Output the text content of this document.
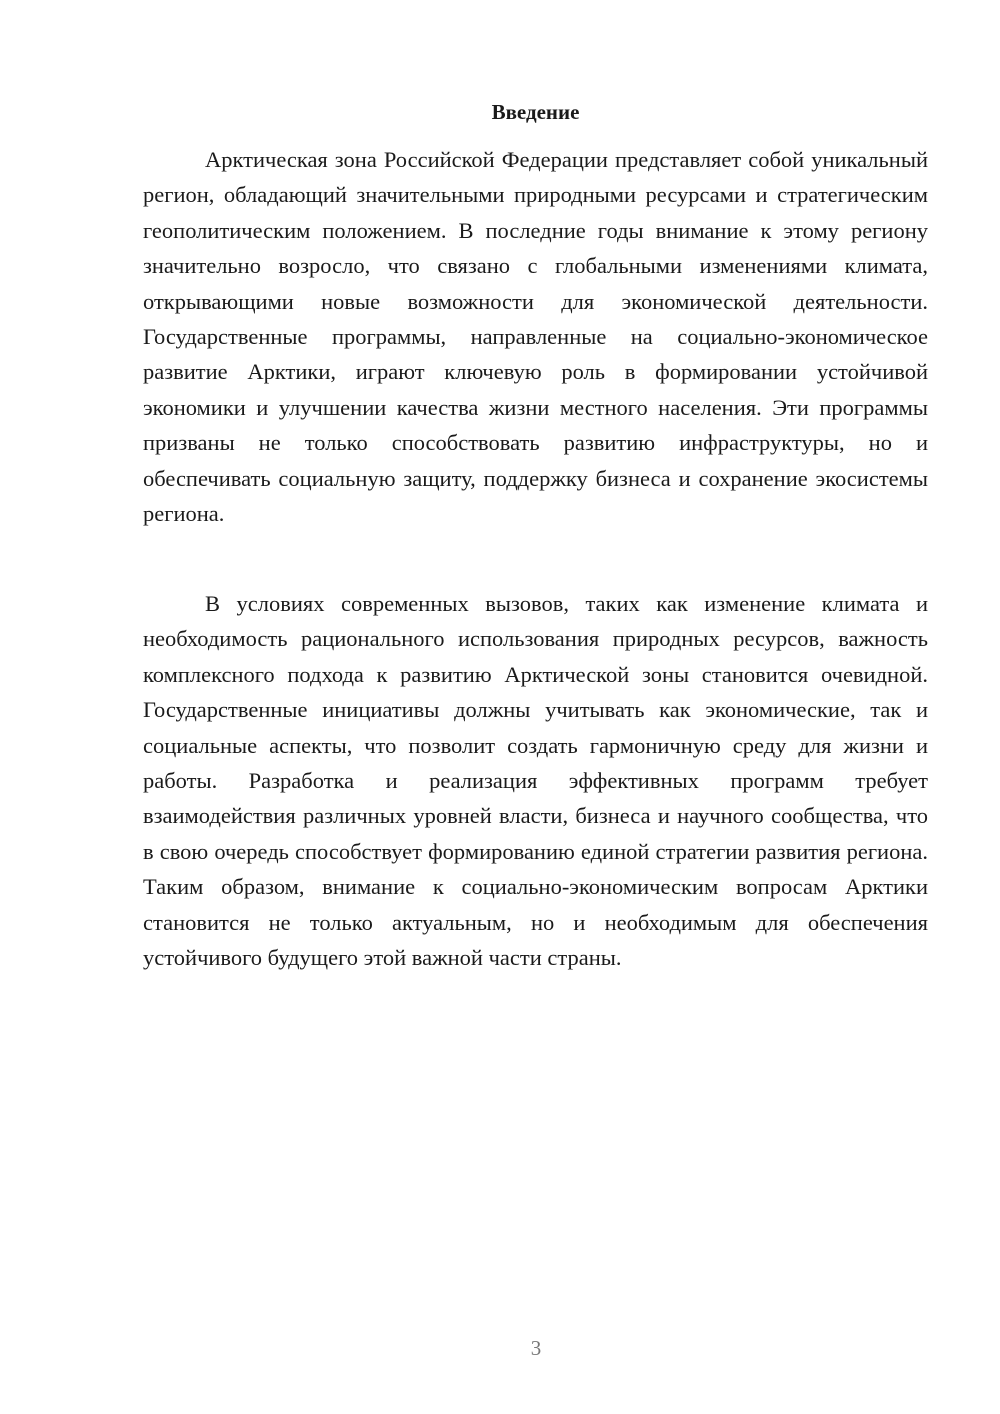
Введение

Арктическая зона Российской Федерации представляет собой уникальный регион, обладающий значительными природными ресурсами и стратегическим геополитическим положением. В последние годы внимание к этому региону значительно возросло, что связано с глобальными изменениями климата, открывающими новые возможности для экономической деятельности. Государственные программы, направленные на социально-экономическое развитие Арктики, играют ключевую роль в формировании устойчивой экономики и улучшении качества жизни местного населения. Эти программы призваны не только способствовать развитию инфраструктуры, но и обеспечивать социальную защиту, поддержку бизнеса и сохранение экосистемы региона.

В условиях современных вызовов, таких как изменение климата и необходимость рационального использования природных ресурсов, важность комплексного подхода к развитию Арктической зоны становится очевидной. Государственные инициативы должны учитывать как экономические, так и социальные аспекты, что позволит создать гармоничную среду для жизни и работы. Разработка и реализация эффективных программ требует взаимодействия различных уровней власти, бизнеса и научного сообщества, что в свою очередь способствует формированию единой стратегии развития региона. Таким образом, внимание к социально-экономическим вопросам Арктики становится не только актуальным, но и необходимым для обеспечения устойчивого будущего этой важной части страны.

3
